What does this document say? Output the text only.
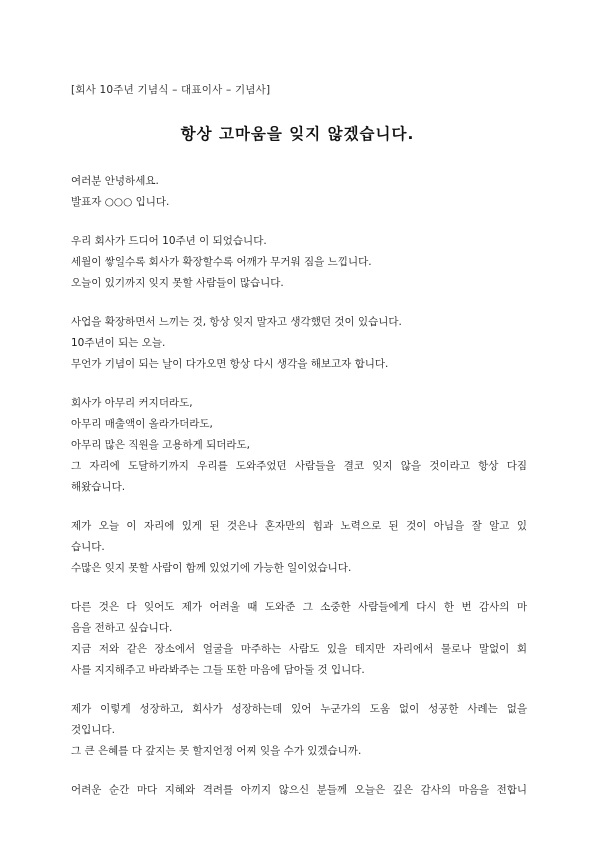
[회사 10주년 기념식 – 대표이사 – 기념사]
항상 고마움을 잊지 않겠습니다.
여러분 안녕하세요.
발표자 ○○○ 입니다.
우리 회사가 드디어 10주년 이 되었습니다.
세월이 쌓일수록 회사가 확장할수록 어깨가 무거워 짐을 느낍니다.
오늘이 있기까지 잊지 못할 사람들이 많습니다.
사업을 확장하면서 느끼는 것, 항상 잊지 말자고 생각했던 것이 있습니다.
10주년이 되는 오늘.
무언가 기념이 되는 날이 다가오면 항상 다시 생각을 해보고자 합니다.
회사가 아무리 커지더라도,
아무리 매출액이 올라가더라도,
아무리 많은 직원을 고용하게 되더라도,
그 자리에 도달하기까지 우리를 도와주었던 사람들을 결코 잊지 않을 것이라고 항상 다짐
해왔습니다.
제가 오늘 이 자리에 있게 된 것은나 혼자만의 힘과 노력으로 된 것이 아님을 잘 알고 있
습니다.
수많은 잊지 못할 사람이 함께 있었기에 가능한 일이었습니다.
다른 것은 다 잊어도 제가 어려울 때 도와준 그 소중한 사람들에게 다시 한 번 감사의 마
음을 전하고 싶습니다.
지금 저와 같은 장소에서 얼굴을 마주하는 사람도 있을 테지만 자리에서 물로나 말없이 회
사를 지지해주고 바라봐주는 그들 또한 마음에 담아둘 것 입니다.
제가 이렇게 성장하고, 회사가 성장하는데 있어 누군가의 도움 없이 성공한 사례는 없을
것입니다.
그 큰 은혜를 다 갚지는 못 할지언정 어찌 잊을 수가 있겠습니까.
어려운 순간 마다 지혜와 격려를 아끼지 않으신 분들께 오늘은 깊은 감사의 마음을 전합니
